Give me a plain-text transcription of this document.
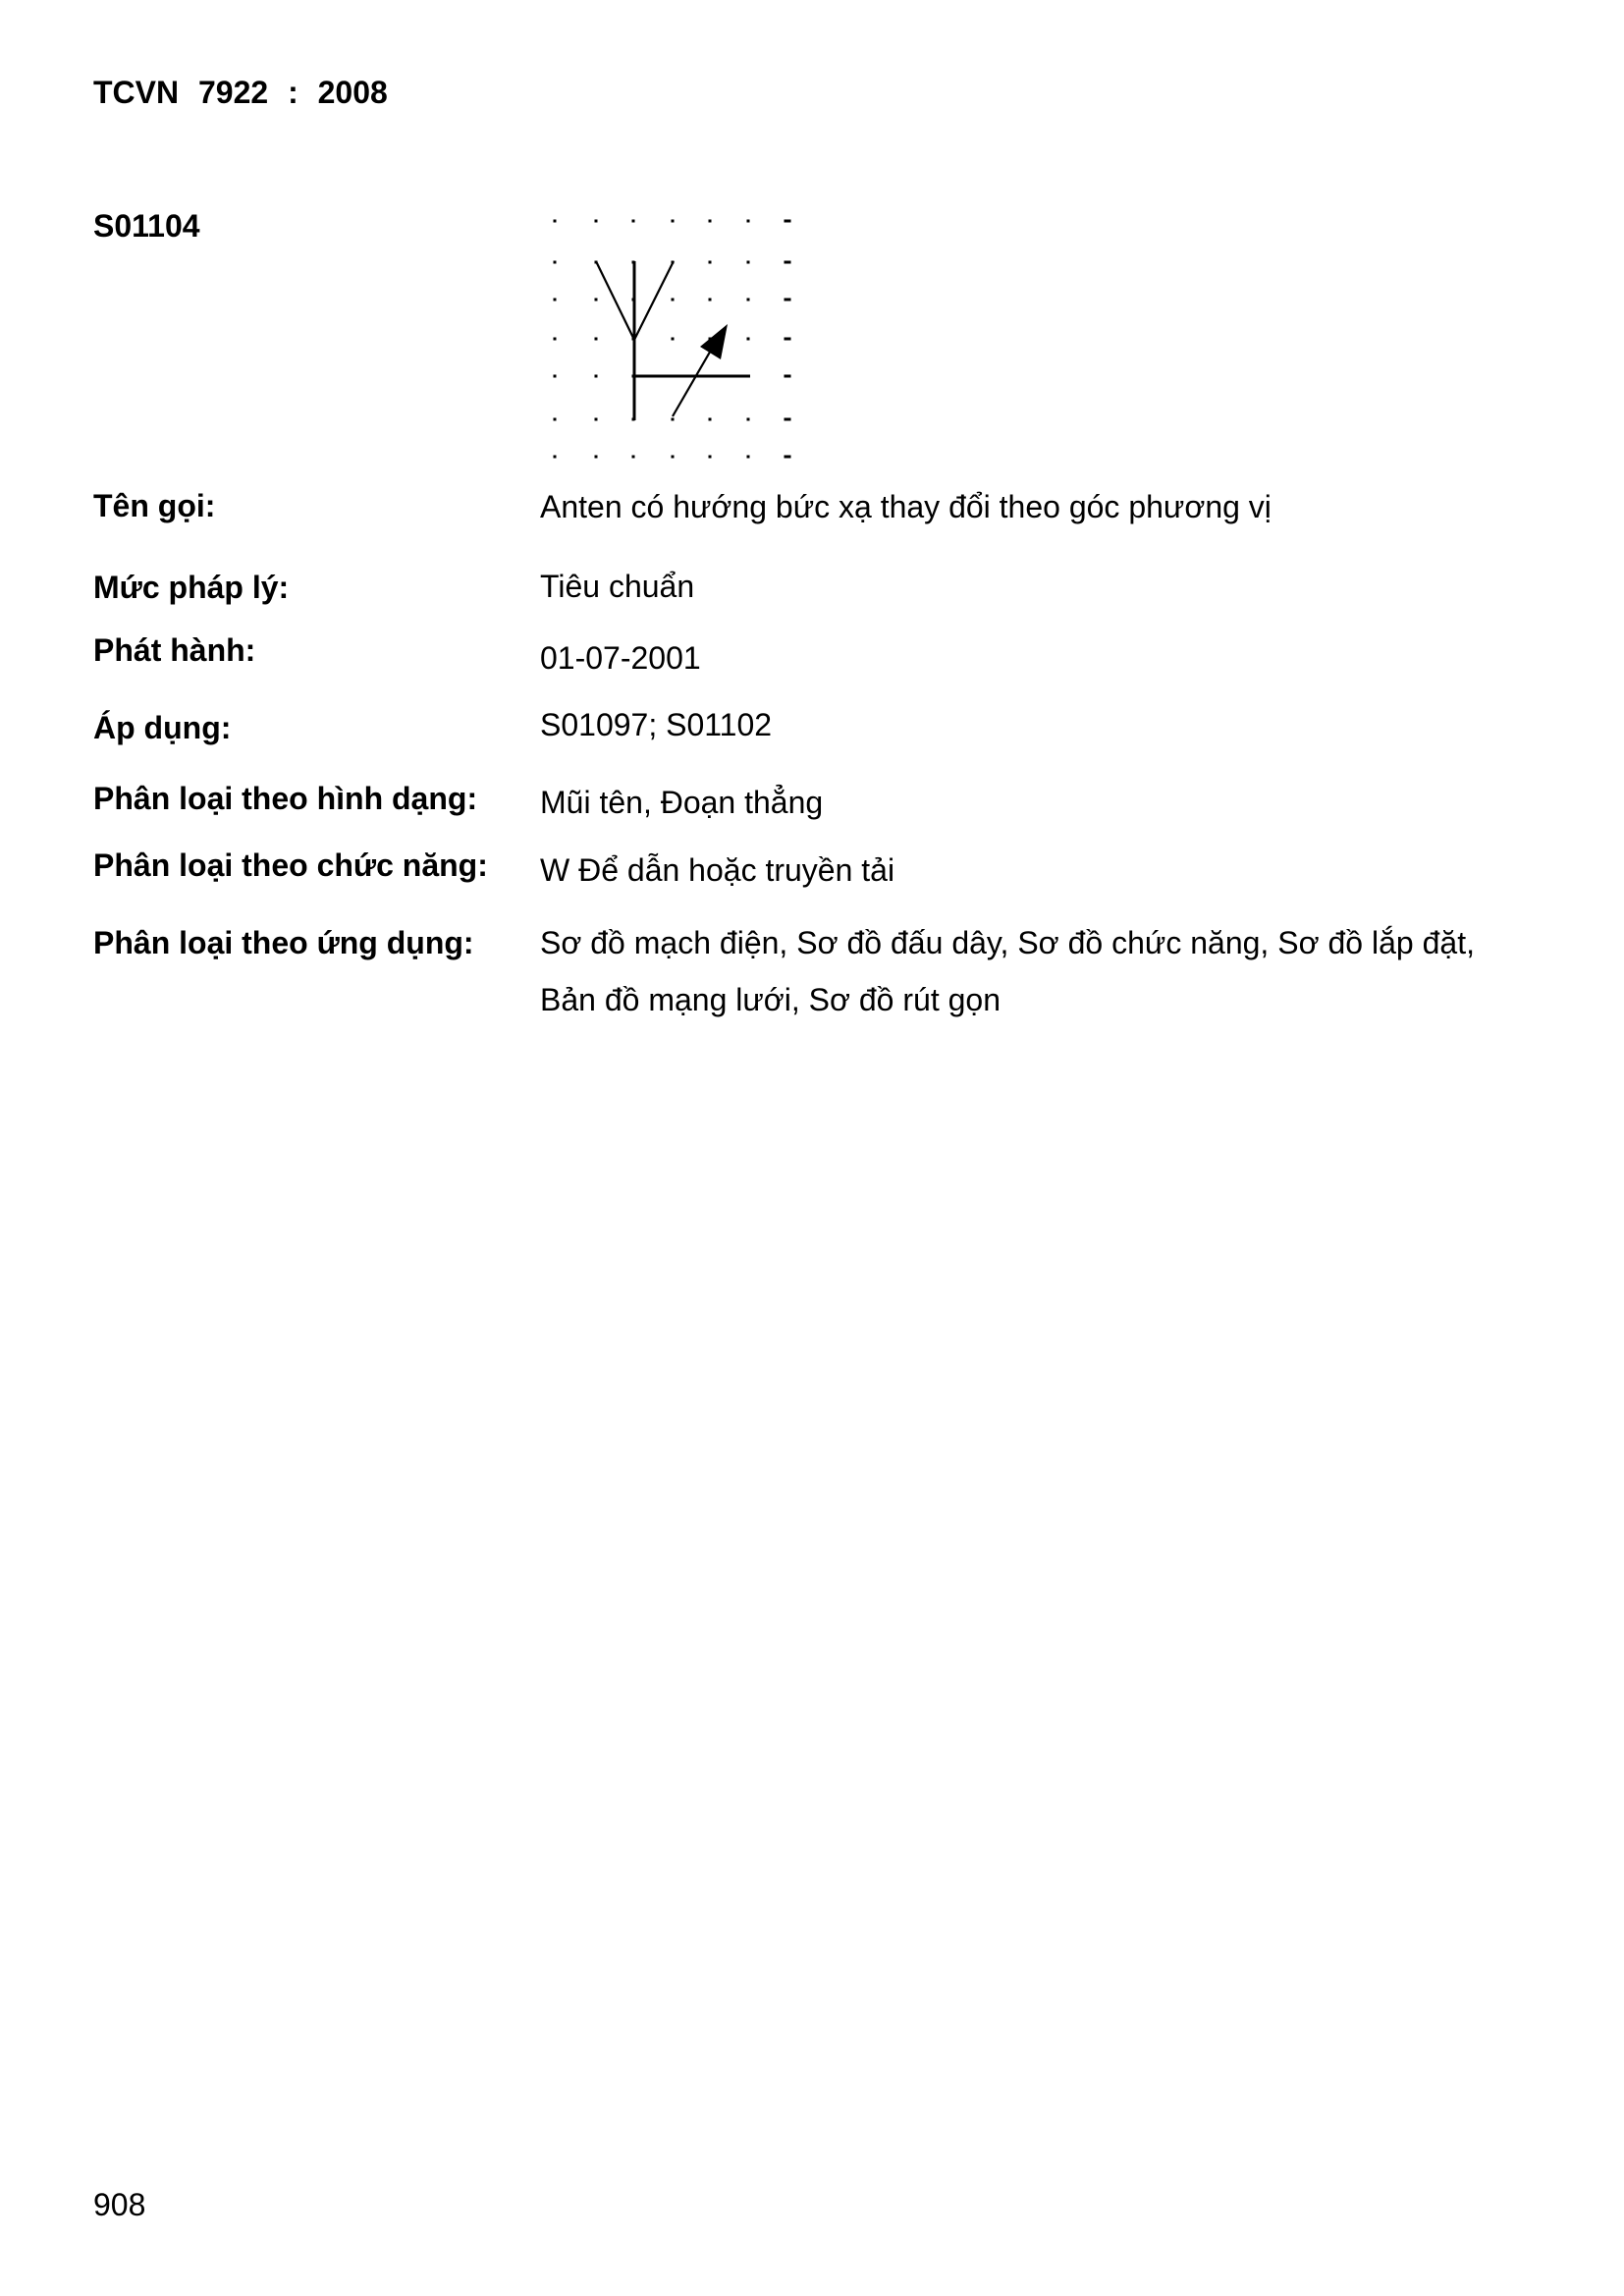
TCVN 7922 : 2008
S01104
Tên gọi:	Anten có hướng bức xạ thay đổi theo góc phương vị
Mức pháp lý:	Tiêu chuẩn
Phát hành:	01-07-2001
Áp dụng:	S01097; S01102
Phân loại theo hình dạng: Mũi tên, Đoạn thẳng
Phân loại theo chức năng: W Để dẫn hoặc truyền tải
Phân loại theo ứng dụng: Sơ đồ mạch điện, Sơ đồ đấu dây, Sơ đồ chức năng, Sơ đồ lắp đặt,
Bản đồ mạng lưới, Sơ đồ rút gọn
908
